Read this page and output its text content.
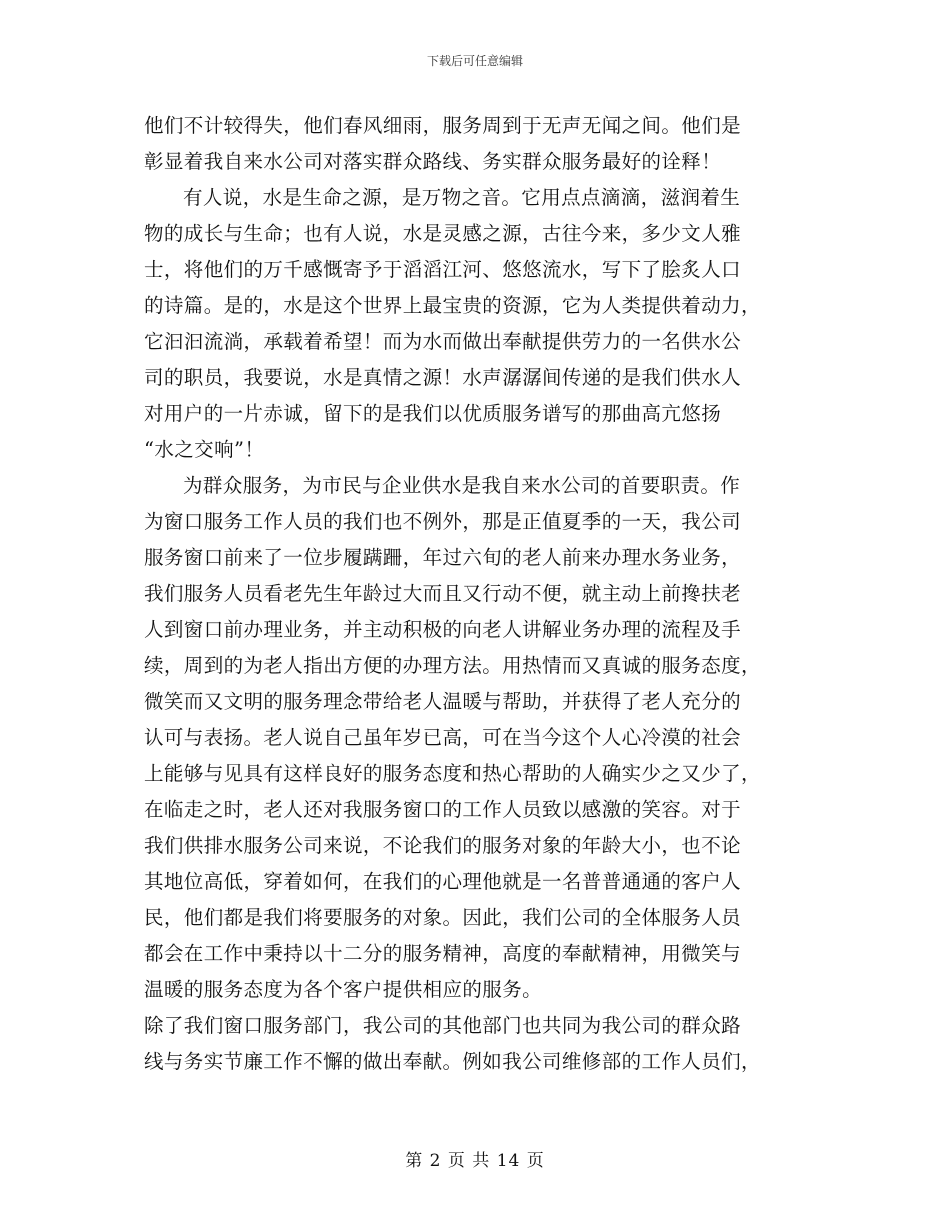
下载后可任意编辑
他们不计较得失，他们春风细雨，服务周到于无声无闻之间。他们是
彰显着我自来水公司对落实群众路线、务实群众服务最好的诠释！
有人说，水是生命之源，是万物之音。它用点点滴滴，滋润着生
物的成长与生命；也有人说，水是灵感之源，古往今来，多少文人雅
士，将他们的万千感慨寄予于滔滔江河、悠悠流水，写下了脍炙人口
的诗篇。是的，水是这个世界上最宝贵的资源，它为人类提供着动力，
它汩汩流淌，承载着希望！而为水而做出奉献提供劳力的一名供水公
司的职员，我要说，水是真情之源！水声潺潺间传递的是我们供水人
对用户的一片赤诚，留下的是我们以优质服务谱写的那曲高亢悠扬
“水之交响”！
为群众服务，为市民与企业供水是我自来水公司的首要职责。作
为窗口服务工作人员的我们也不例外，那是正值夏季的一天，我公司
服务窗口前来了一位步履蹒跚，年过六旬的老人前来办理水务业务，
我们服务人员看老先生年龄过大而且又行动不便，就主动上前搀扶老
人到窗口前办理业务，并主动积极的向老人讲解业务办理的流程及手
续，周到的为老人指出方便的办理方法。用热情而又真诚的服务态度，
微笑而又文明的服务理念带给老人温暖与帮助，并获得了老人充分的
认可与表扬。老人说自己虽年岁已高，可在当今这个人心冷漠的社会
上能够与见具有这样良好的服务态度和热心帮助的人确实少之又少了，
在临走之时，老人还对我服务窗口的工作人员致以感激的笑容。对于
我们供排水服务公司来说，不论我们的服务对象的年龄大小，也不论
其地位高低，穿着如何，在我们的心理他就是一名普普通通的客户人
民，他们都是我们将要服务的对象。因此，我们公司的全体服务人员
都会在工作中秉持以十二分的服务精神，高度的奉献精神，用微笑与
温暖的服务态度为各个客户提供相应的服务。
除了我们窗口服务部门，我公司的其他部门也共同为我公司的群众路
线与务实节廉工作不懈的做出奉献。例如我公司维修部的工作人员们，
第 2 页 共 14 页
